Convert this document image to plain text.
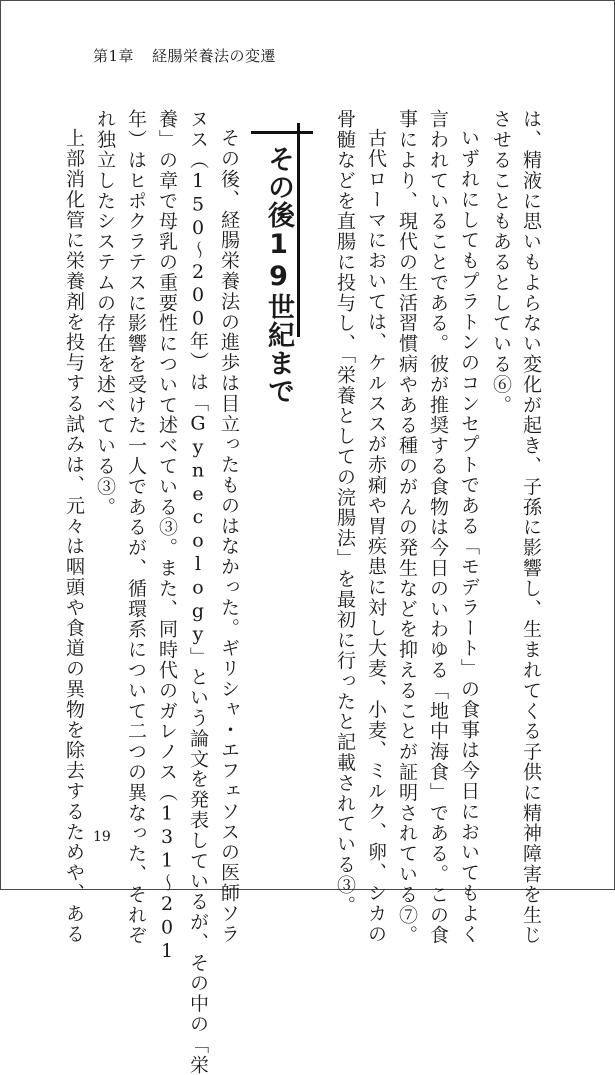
第1章 経腸栄養法の変遷
は、精液に思いもよらない変化が起き、子孫に影響し、生まれてくる子供に精神障害を生じ
させることもあるとしている⑥。
いずれにしてもプラトンのコンセプトである「モデラート」の食事は今日においてもよく
言われていることである。彼が推奨する食物は今日のいわゆる「地中海食」である。この食
事により、現代の生活習慣病やある種のがんの発生などを抑えることが証明されている⑦。
古代ローマにおいては、ケルススが赤痢や胃疾患に対し大麦、小麦、ミルク、卵、シカの
骨髄などを直腸に投与し、「栄養としての浣腸法」を最初に行ったと記載されている③。
その後19世紀まで
その後、経腸栄養法の進歩は目立ったものはなかった。ギリシャ・エフェソスの医師ソラ
ヌス（150〜200年）は「Gynecology」という論文を発表しているが、その中の「栄
養」の章で母乳の重要性について述べている③。また、同時代のガレノス（131〜201
年）はヒポクラテスに影響を受けた一人であるが、循環系について二つの異なった、それぞ
れ独立したシステムの存在を述べている③。
上部消化管に栄養剤を投与する試みは、元々は咽頭や食道の異物を除去するためや、ある 19
